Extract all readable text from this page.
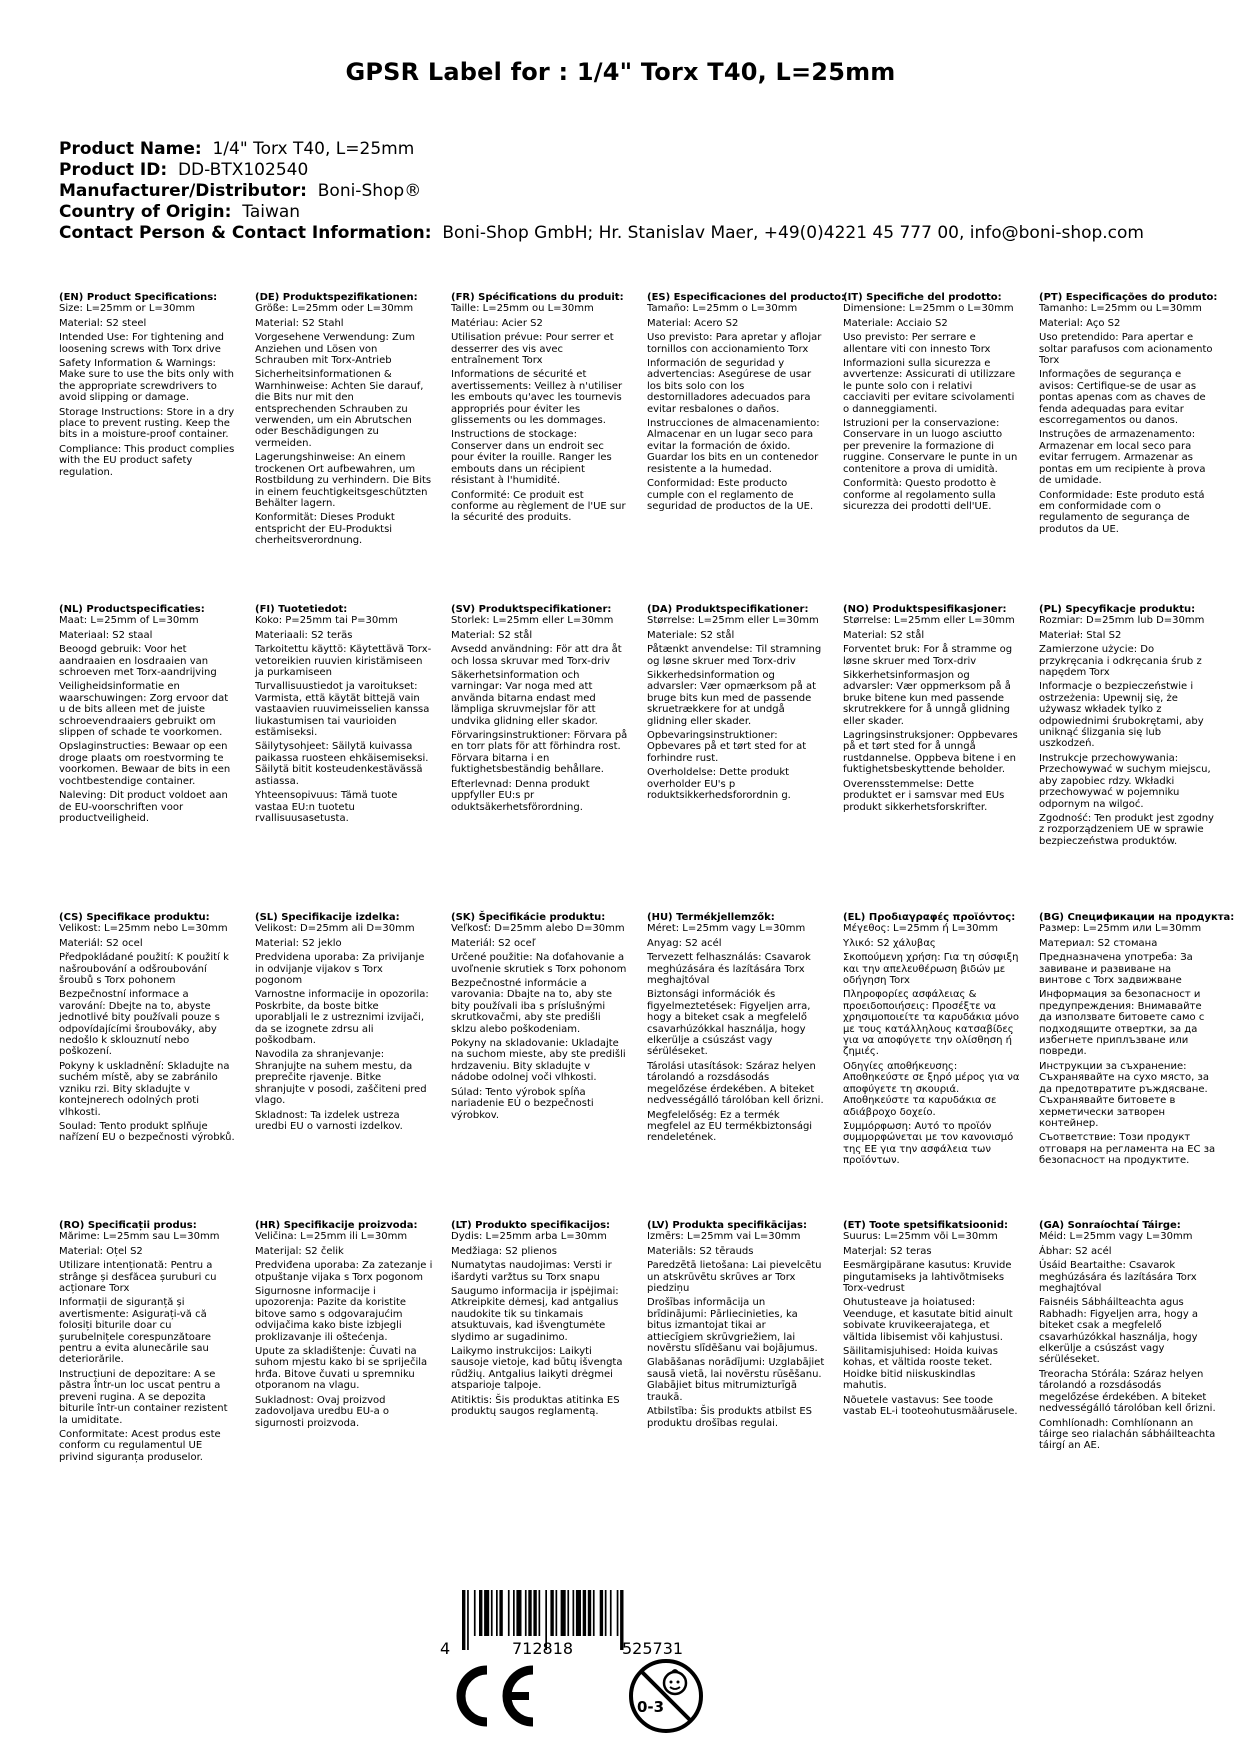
GPSR Label for : 1/4" Torx T40, L=25mm
Product Name: 1/4" Torx T40, L=25mm
Product ID: DD-BTX102540
Manufacturer/Distributor: Boni-Shop®
Country of Origin: Taiwan
Contact Person & Contact Information: Boni-Shop GmbH; Hr. Stanislav Maer, +49(0)4221 45 777 00, info@boni-shop.com
(EN) Product Specifications:
Size: L=25mm or L=30mm
Material: S2 steel
Intended Use: For tightening and loosening screws with Torx drive
Safety Information & Warnings: Make sure to use the bits only with the appropriate screwdrivers to avoid slipping or damage.
Storage Instructions: Store in a dry place to prevent rusting. Keep the bits in a moisture-proof container.
Compliance: This product complies with the EU product safety regulation.
(DE) Produktspezifikationen:
Größe: L=25mm oder L=30mm
Material: S2 Stahl
Vorgesehene Verwendung: Zum Anziehen und Lösen von Schrauben mit Torx-Antrieb
Sicherheitsinformationen & Warnhinweise: Achten Sie darauf, die Bits nur mit den entsprechenden Schrauben zu verwenden, um ein Abrutschen oder Beschädigungen zu vermeiden.
Lagerungshinweise: An einem trockenen Ort aufbewahren, um Rostbildung zu verhindern. Die Bits in einem feuchtigkeitsgeschützten Behälter lagern.
Konformität: Dieses Produkt entspricht der EU-Produktsi cherheitsverordnung.
(FR) Spécifications du produit:
Taille: L=25mm ou L=30mm
Matériau: Acier S2
Utilisation prévue: Pour serrer et desserrer des vis avec entraînement Torx
Informations de sécurité et avertissements: Veillez à n'utiliser les embouts qu'avec les tournevis appropriés pour éviter les glissements ou les dommages.
Instructions de stockage: Conserver dans un endroit sec pour éviter la rouille. Ranger les embouts dans un récipient résistant à l'humidité.
Conformité: Ce produit est conforme au règlement de l'UE sur la sécurité des produits.
(ES) Especificaciones del producto:
Tamaño: L=25mm o L=30mm
Material: Acero S2
Uso previsto: Para apretar y aflojar tornillos con accionamiento Torx
Información de seguridad y advertencias: Asegúrese de usar los bits solo con los destornilladores adecuados para evitar resbalones o daños.
Instrucciones de almacenamiento: Almacenar en un lugar seco para evitar la formación de óxido. Guardar los bits en un contenedor resistente a la humedad.
Conformidad: Este producto cumple con el reglamento de seguridad de productos de la UE.
(IT) Specifiche del prodotto:
Dimensione: L=25mm o L=30mm
Materiale: Acciaio S2
Uso previsto: Per serrare e allentare viti con innesto Torx
Informazioni sulla sicurezza e avvertenze: Assicurati di utilizzare le punte solo con i relativi cacciaviti per evitare scivolamenti o danneggiamenti.
Istruzioni per la conservazione: Conservare in un luogo asciutto per prevenire la formazione di ruggine. Conservare le punte in un contenitore a prova di umidità.
Conformità: Questo prodotto è conforme al regolamento sulla sicurezza dei prodotti dell'UE.
(PT) Especificações do produto:
Tamanho: L=25mm ou L=30mm
Material: Aço S2
Uso pretendido: Para apertar e soltar parafusos com acionamento Torx
Informações de segurança e avisos: Certifique-se de usar as pontas apenas com as chaves de fenda adequadas para evitar escorregamentos ou danos.
Instruções de armazenamento: Armazenar em local seco para evitar ferrugem. Armazenar as pontas em um recipiente à prova de umidade.
Conformidade: Este produto está em conformidade com o regulamento de segurança de produtos da UE.
(NL) Productspecificaties:
Maat: L=25mm of L=30mm
Materiaal: S2 staal
Beoogd gebruik: Voor het aandraaien en losdraaien van schroeven met Torx-aandrijving
Veiligheidsinformatie en waarschuwingen: Zorg ervoor dat u de bits alleen met de juiste schroevendraaiers gebruikt om slippen of schade te voorkomen.
Opslaginstructies: Bewaar op een droge plaats om roestvorming te voorkomen. Bewaar de bits in een vochtbestendige container.
Naleving: Dit product voldoet aan de EU-voorschriften voor productveiligheid.
(FI) Tuotetiedot:
Koko: P=25mm tai P=30mm
Materiaali: S2 teräs
Tarkoitettu käyttö: Käytettävä Torx-vetoreikien ruuvien kiristämiseen ja purkamiseen
Turvallisuustiedot ja varoitukset: Varmista, että käytät bittejä vain vastaavien ruuvimeisselien kanssa liukastumisen tai vaurioiden estämiseksi.
Säilytysohjeet: Säilytä kuivassa paikassa ruosteen ehkäisemiseksi. Säilytä bitit kosteudenkestävässä astiassa.
Yhteensopivuus: Tämä tuote vastaa EU:n tuotetu rvallisuusasetusta.
(SV) Produktspecifikationer:
Storlek: L=25mm eller L=30mm
Material: S2 stål
Avsedd användning: För att dra åt och lossa skruvar med Torx-driv
Säkerhetsinformation och varningar: Var noga med att använda bitarna endast med lämpliga skruvmejslar för att undvika glidning eller skador.
Förvaringsinstruktioner: Förvara på en torr plats för att förhindra rost. Förvara bitarna i en fuktighetsbeständig behållare.
Efterlevnad: Denna produkt uppfyller EU:s pr oduktsäkerhetsförordning.
(DA) Produktspecifikationer:
Størrelse: L=25mm eller L=30mm
Materiale: S2 stål
Påtænkt anvendelse: Til stramning og løsne skruer med Torx-driv
Sikkerhedsinformation og advarsler: Vær opmærksom på at bruge bits kun med de passende skruetrækkere for at undgå glidning eller skader.
Opbevaringsinstruktioner: Opbevares på et tørt sted for at forhindre rust.
Overholdelse: Dette produkt overholder EU's p roduktsikkerhedsforordnin g.
(NO) Produktspesifikasjoner:
Størrelse: L=25mm eller L=30mm
Material: S2 stål
Forventet bruk: For å stramme og løsne skruer med Torx-driv
Sikkerhetsinformasjon og advarsler: Vær oppmerksom på å bruke bitene kun med passende skrutrekkere for å unngå glidning eller skader.
Lagringsinstruksjoner: Oppbevares på et tørt sted for å unngå rustdannelse. Oppbeva bitene i en fuktighetsbeskyttende beholder.
Overensstemmelse: Dette produktet er i samsvar med EUs produkt sikkerhetsforskrifter.
(PL) Specyfikacje produktu:
Rozmiar: D=25mm lub D=30mm
Materiał: Stal S2
Zamierzone użycie: Do przykręcania i odkręcania śrub z napędem Torx
Informacje o bezpieczeństwie i ostrzeżenia: Upewnij się, że używasz wkładek tylko z odpowiednimi śrubokrętami, aby uniknąć ślizgania się lub uszkodzeń.
Instrukcje przechowywania: Przechowywać w suchym miejscu, aby zapobiec rdzy. Wkładki przechowywać w pojemniku odpornym na wilgoć.
Zgodność: Ten produkt jest zgodny z rozporządzeniem UE w sprawie bezpieczeństwa produktów.
(CS) Specifikace produktu:
Velikost: L=25mm nebo L=30mm
Materiál: S2 ocel
Předpokládané použití: K použití k našroubování a odšroubování šroubů s Torx pohonem
Bezpečnostní informace a varování: Dbejte na to, abyste jednotlivé bity používali pouze s odpovídajícími šroubováky, aby nedošlo k sklouznutí nebo poškození.
Pokyny k uskladnění: Skladujte na suchém místě, aby se zabránilo vzniku rzi. Bity skladujte v kontejnerech odolných proti vlhkosti.
Soulad: Tento produkt splňuje nařízení EU o bezpečnosti výrobků.
(SL) Specifikacije izdelka:
Velikost: D=25mm ali D=30mm
Material: S2 jeklo
Predvidena uporaba: Za privijanje in odvijanje vijakov s Torx pogonom
Varnostne informacije in opozorila: Poskrbite, da boste bitke uporabljali le z ustreznimi izvijači, da se izognete zdrsu ali poškodbam.
Navodila za shranjevanje: Shranjujte na suhem mestu, da preprečite rjavenje. Bitke shranjujte v posodi, zaščiteni pred vlago.
Skladnost: Ta izdelek ustreza uredbi EU o varnosti izdelkov.
(SK) Špecifikácie produktu:
Veľkosť: D=25mm alebo D=30mm
Materiál: S2 oceľ
Určené použitie: Na doťahovanie a uvoľnenie skrutiek s Torx pohonom
Bezpečnostné informácie a varovania: Dbajte na to, aby ste bity používali iba s príslušnými skrutkovačmi, aby ste predišli sklzu alebo poškodeniam.
Pokyny na skladovanie: Ukladajte na suchom mieste, aby ste predišli hrdzaveniu. Bity skladujte v nádobe odolnej voči vlhkosti.
Súlad: Tento výrobok spĺňa nariadenie EÚ o bezpečnosti výrobkov.
(HU) Termékjellemzők:
Méret: L=25mm vagy L=30mm
Anyag: S2 acél
Tervezett felhasználás: Csavarok meghúzására és lazítására Torx meghajtóval
Biztonsági információk és figyelmeztetések: Figyeljen arra, hogy a biteket csak a megfelelő csavarhúzókkal használja, hogy elkerülje a csúszást vagy sérüléseket.
Tárolási utasítások: Száraz helyen tárolandó a rozsdásodás megelőzése érdekében. A biteket nedvességálló tárolóban kell őrizni.
Megfelelőség: Ez a termék megfelel az EU termékbiztonsági rendeletének.
(EL) Προδιαγραφές προϊόντος:
Μέγεθος: L=25mm ή L=30mm
Υλικό: S2 χάλυβας
Σκοπούμενη χρήση: Για τη σύσφιξη και την απελευθέρωση βιδών με οδήγηση Torx
Πληροφορίες ασφάλειας & προειδοποιήσεις: Προσέξτε να χρησιμοποιείτε τα καρυδάκια μόνο με τους κατάλληλους κατσαβίδες για να αποφύγετε την ολίσθηση ή ζημιές.
Οδηγίες αποθήκευσης: Αποθηκεύστε σε ξηρό μέρος για να αποφύγετε τη σκουριά. Αποθηκεύστε τα καρυδάκια σε αδιάβροχο δοχείο.
Συμμόρφωση: Αυτό το προϊόν συμμορφώνεται με τον κανονισμό της ΕΕ για την ασφάλεια των προϊόντων.
(BG) Спецификации на продукта:
Размер: L=25mm или L=30mm
Материал: S2 стомана
Предназначена употреба: За завиване и развиване на винтове с Torx задвижване
Информация за безопасност и предупреждения: Внимавайте да използвате битовете само с подходящите отвертки, за да избегнете приплъзване или повреди.
Инструкции за съхранение: Съхранявайте на сухо място, за да предотвратите ръждясване. Съхранявайте битовете в херметически затворен контейнер.
Съответствие: Този продукт отговаря на регламента на ЕС за безопасност на продуктите.
(RO) Specificații produs:
Mărime: L=25mm sau L=30mm
Material: Oțel S2
Utilizare intenționată: Pentru a strânge și desfăcea șuruburi cu acționare Torx
Informații de siguranță și avertismente: Asigurați-vă că folosiți biturile doar cu șurubelnițele corespunzătoare pentru a evita alunecările sau deteriorările.
Instrucțiuni de depozitare: A se păstra într-un loc uscat pentru a preveni rugina. A se depozita biturile într-un container rezistent la umiditate.
Conformitate: Acest produs este conform cu regulamentul UE privind siguranța produselor.
(HR) Specifikacije proizvoda:
Veličina: L=25mm ili L=30mm
Materijal: S2 čelik
Predviđena uporaba: Za zatezanje i otpuštanje vijaka s Torx pogonom
Sigurnosne informacije i upozorenja: Pazite da koristite bitove samo s odgovarajućim odvijačima kako biste izbjegli proklizavanje ili oštećenja.
Upute za skladištenje: Čuvati na suhom mjestu kako bi se spriječila hrđa. Bitove čuvati u spremniku otporanom na vlagu.
Sukladnost: Ovaj proizvod zadovoljava uredbu EU-a o sigurnosti proizvoda.
(LT) Produkto specifikacijos:
Dydis: L=25mm arba L=30mm
Medžiaga: S2 plienos
Numatytas naudojimas: Versti ir išardyti varžtus su Torx snapu
Saugumo informacija ir įspėjimai: Atkreipkite dėmesį, kad antgalius naudokite tik su tinkamais atsuktuvais, kad išvengtumėte slydimo ar sugadinimo.
Laikymo instrukcijos: Laikyti sausoje vietoje, kad būtų išvengta rūdžių. Antgalius laikyti drėgmei atsparioje talpoje.
Atitiktis: Šis produktas atitinka ES produktų saugos reglamentą.
(LV) Produkta specifikācijas:
Izmērs: L=25mm vai L=30mm
Materiāls: S2 tērauds
Paredzētā lietošana: Lai pievelcētu un atskrūvētu skrūves ar Torx piedziņu
Drošības informācija un brīdinājumi: Pārliecinieties, ka bitus izmantojat tikai ar attiecīgiem skrūvgriežiem, lai novērstu slīdēšanu vai bojājumus.
Glabāšanas norādījumi: Uzglabājiet sausā vietā, lai novērstu rūsēšanu. Glabājiet bitus mitrumizturīgā traukā.
Atbilstība: Šis produkts atbilst ES produktu drošības regulai.
(ET) Toote spetsifikatsioonid:
Suurus: L=25mm või L=30mm
Materjal: S2 teras
Eesmärgipärane kasutus: Kruvide pingutamiseks ja lahtivõtmiseks Torx-vedrust
Ohutusteave ja hoiatused: Veenduge, et kasutate bitid ainult sobivate kruvikeerajatega, et vältida libisemist või kahjustusi.
Säilitamisjuhised: Hoida kuivas kohas, et vältida rooste teket. Hoidke bitid niiskuskindlas mahutis.
Nõuetele vastavus: See toode vastab EL-i tooteohutusmäärusele.
(GA) Sonraíochtaí Táirge:
Méid: L=25mm vagy L=30mm
Ábhar: S2 acél
Úsáid Beartaithe: Csavarok meghúzására és lazítására Torx meghajtóval
Faisnéis Sábháilteachta agus Rabhadh: Figyeljen arra, hogy a biteket csak a megfelelő csavarhúzókkal használja, hogy elkerülje a csúszást vagy sérüléseket.
Treoracha Stórála: Száraz helyen tárolandó a rozsdásodás megelőzése érdekében. A biteket nedvességálló tárolóban kell őrizni.
Comhlíonadh: Comhlíonann an táirge seo rialachán sábháilteachta táirgí an AE.
4	712818	525731
0-3
